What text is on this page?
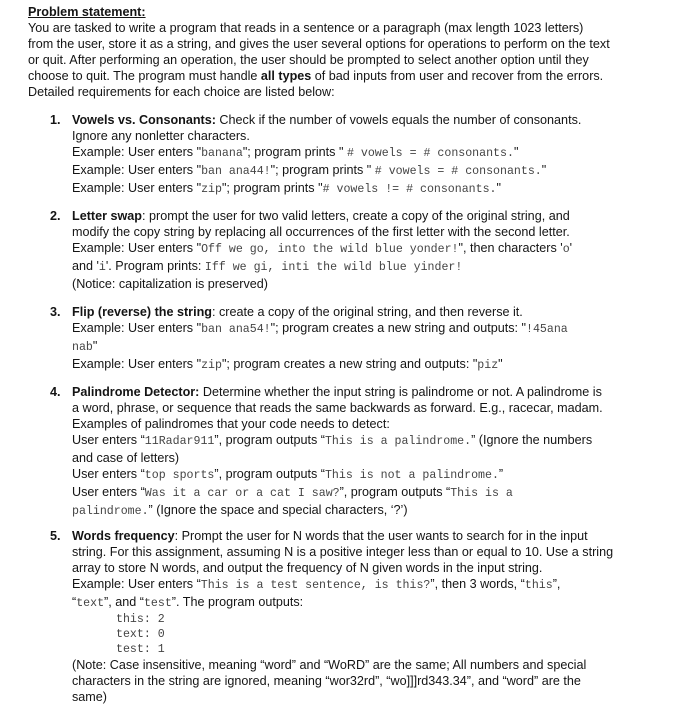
Problem statement:
You are tasked to write a program that reads in a sentence or a paragraph (max length 1023 letters)
from the user, store it as a string, and gives the user several options for operations to perform on the text
or quit. After performing an operation, the user should be prompted to select another option until they
choose to quit. The program must handle all types of bad inputs from user and recover from the errors.
Detailed requirements for each choice are listed below:
1. Vowels vs. Consonants: Check if the number of vowels equals the number of consonants.
Ignore any nonletter characters.
Example: User enters "banana"; program prints " # vowels = # consonants."
Example: User enters "ban ana44!"; program prints " # vowels = # consonants."
Example: User enters "zip"; program prints "# vowels != # consonants."
2. Letter swap: prompt the user for two valid letters, create a copy of the original string, and
modify the copy string by replacing all occurrences of the first letter with the second letter.
Example: User enters "Off we go, into the wild blue yonder!", then characters 'o'
and 'i'. Program prints: Iff we gi, inti the wild blue yinder!
(Notice: capitalization is preserved)
3. Flip (reverse) the string: create a copy of the original string, and then reverse it.
Example: User enters "ban ana54!"; program creates a new string and outputs: "!45ana
nab"
Example: User enters "zip"; program creates a new string and outputs: "piz"
4. Palindrome Detector: Determine whether the input string is palindrome or not. A palindrome is
a word, phrase, or sequence that reads the same backwards as forward. E.g., racecar, madam.
Examples of palindromes that your code needs to detect:
User enters “11Radar911”, program outputs “This is a palindrome.” (Ignore the numbers
and case of letters)
User enters “top sports”, program outputs “This is not a palindrome.”
User enters “Was it a car or a cat I saw?”, program outputs “This is a
palindrome.” (Ignore the space and special characters, ‘?’)
5. Words frequency: Prompt the user for N words that the user wants to search for in the input
string. For this assignment, assuming N is a positive integer less than or equal to 10. Use a string
array to store N words, and output the frequency of N given words in the input string.
Example: User enters “This is a test sentence, is this?”, then 3 words, “this”,
“text”, and “test”. The program outputs:
this: 2
text: 0
test: 1
(Note: Case insensitive, meaning “word” and “WoRD” are the same; All numbers and special
characters in the string are ignored, meaning “wor32rd”, “wo]]]rd343.34”, and “word” are the
same)
